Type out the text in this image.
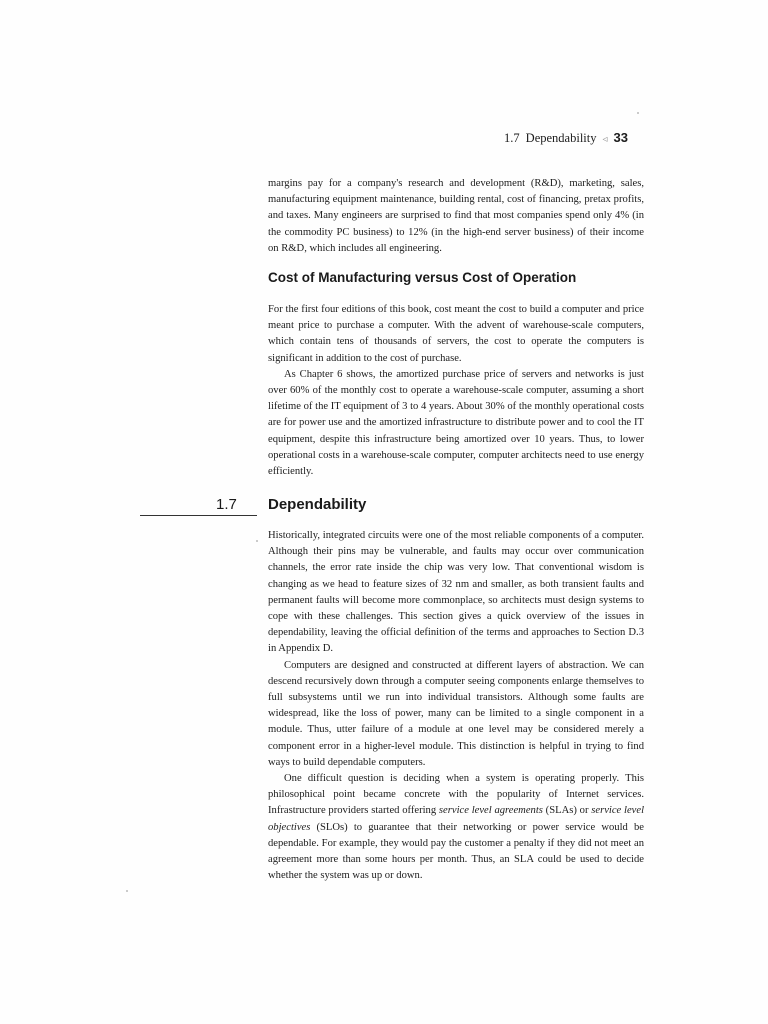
1.7 Dependability ◃ 33

margins pay for a company's research and development (R&D), marketing, sales, manufacturing equipment maintenance, building rental, cost of financing, pretax profits, and taxes. Many engineers are surprised to find that most companies spend only 4% (in the commodity PC business) to 12% (in the high-end server business) of their income on R&D, which includes all engineering.

Cost of Manufacturing versus Cost of Operation

For the first four editions of this book, cost meant the cost to build a computer and price meant price to purchase a computer. With the advent of warehouse-scale computers, which contain tens of thousands of servers, the cost to operate the computers is significant in addition to the cost of purchase.

As Chapter 6 shows, the amortized purchase price of servers and networks is just over 60% of the monthly cost to operate a warehouse-scale computer, assuming a short lifetime of the IT equipment of 3 to 4 years. About 30% of the monthly operational costs are for power use and the amortized infrastructure to distribute power and to cool the IT equipment, despite this infrastructure being amortized over 10 years. Thus, to lower operational costs in a warehouse-scale computer, computer architects need to use energy efficiently.

1.7 Dependability

Historically, integrated circuits were one of the most reliable components of a computer. Although their pins may be vulnerable, and faults may occur over communication channels, the error rate inside the chip was very low. That conventional wisdom is changing as we head to feature sizes of 32 nm and smaller, as both transient faults and permanent faults will become more commonplace, so architects must design systems to cope with these challenges. This section gives a quick overview of the issues in dependability, leaving the official definition of the terms and approaches to Section D.3 in Appendix D.

Computers are designed and constructed at different layers of abstraction. We can descend recursively down through a computer seeing components enlarge themselves to full subsystems until we run into individual transistors. Although some faults are widespread, like the loss of power, many can be limited to a single component in a module. Thus, utter failure of a module at one level may be considered merely a component error in a higher-level module. This distinction is helpful in trying to find ways to build dependable computers.

One difficult question is deciding when a system is operating properly. This philosophical point became concrete with the popularity of Internet services. Infrastructure providers started offering service level agreements (SLAs) or service level objectives (SLOs) to guarantee that their networking or power service would be dependable. For example, they would pay the customer a penalty if they did not meet an agreement more than some hours per month. Thus, an SLA could be used to decide whether the system was up or down.
